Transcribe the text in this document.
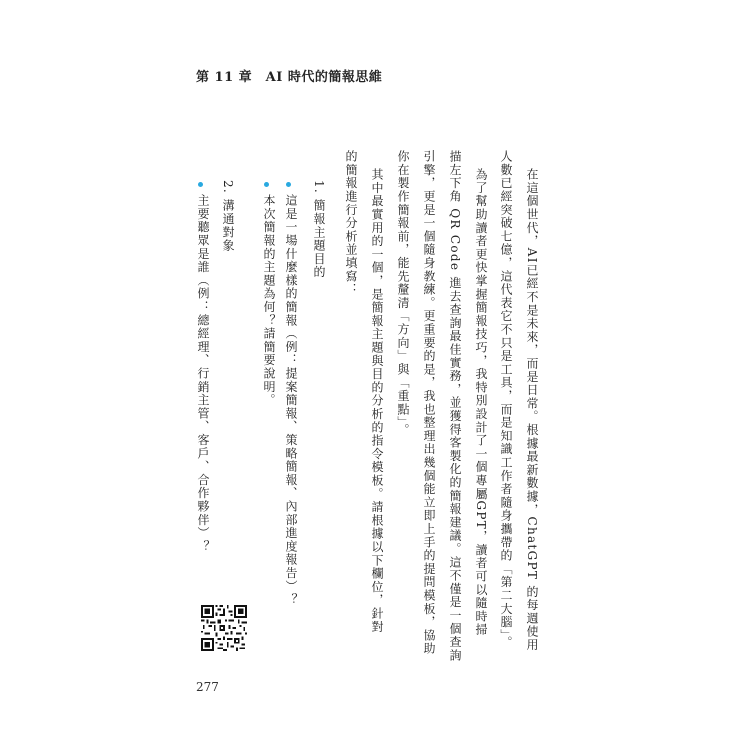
第 11 章　AI 時代的簡報思維
在這個世代，AI已經不是未來，而是日常。根據最新數據，ChatGPT 的每週使用
人數已經突破七億，這代表它不只是工具，而是知識工作者隨身攜帶的「第二大腦」。
為了幫助讀者更快掌握簡報技巧，我特別設計了一個專屬GPT，讀者可以隨時掃
描左下角 QR Code 進去查詢最佳實務，並獲得客製化的簡報建議。這不僅是一個查詢
引擎，更是一個隨身教練。更重要的是，我也整理出幾個能立即上手的提問模板，協助
你在製作簡報前，能先釐清「方向」與「重點」。
其中最實用的一個，是簡報主題與目的分析的指令模板。請根據以下欄位，針對
的簡報進行分析並填寫：
1. 簡報主題目的
這是一場什麼樣的簡報（例：提案簡報、策略簡報、內部進度報告）？
本次簡報的主題為何？請簡要說明。
2. 溝通對象
主要聽眾是誰（例：總經理、行銷主管、客戶、合作夥伴）？
277
